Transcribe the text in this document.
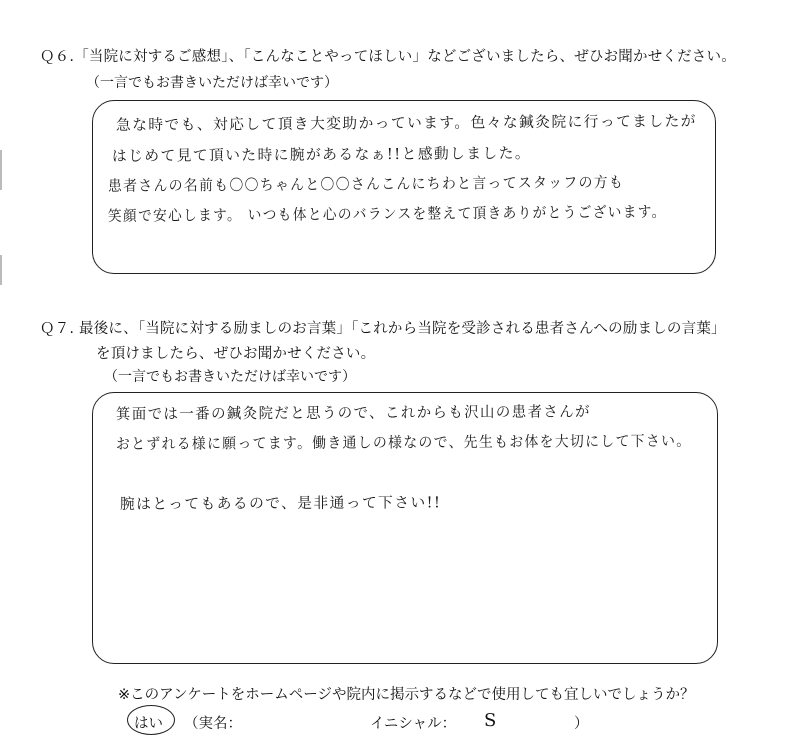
Ｑ６.「当院に対するご感想」、「こんなことやってほしい」などございましたら、ぜひお聞かせください。
（一言でもお書きいただけば幸いです）
急な時でも、対応して頂き大変助かっています。色々な鍼灸院に行ってましたが
はじめて見て頂いた時に腕があるなぁ!!と感動しました。
患者さんの名前も〇〇ちゃんと〇〇さんこんにちわと言ってスタッフの方も
笑顔で安心します。 いつも体と心のバランスを整えて頂きありがとうございます。
Ｑ７. 最後に、「当院に対する励ましのお言葉」「これから当院を受診される患者さんへの励ましの言葉」
を頂けましたら、ぜひお聞かせください。
（一言でもお書きいただけば幸いです）
箕面では一番の鍼灸院だと思うので、これからも沢山の患者さんが
おとずれる様に願ってます。働き通しの様なので、先生もお体を大切にして下さい。
腕はとってもあるので、是非通って下さい!!
※このアンケートをホームページや院内に掲示するなどで使用しても宜しいでしょうか？
はい （実名：	イニシャル： S	）
